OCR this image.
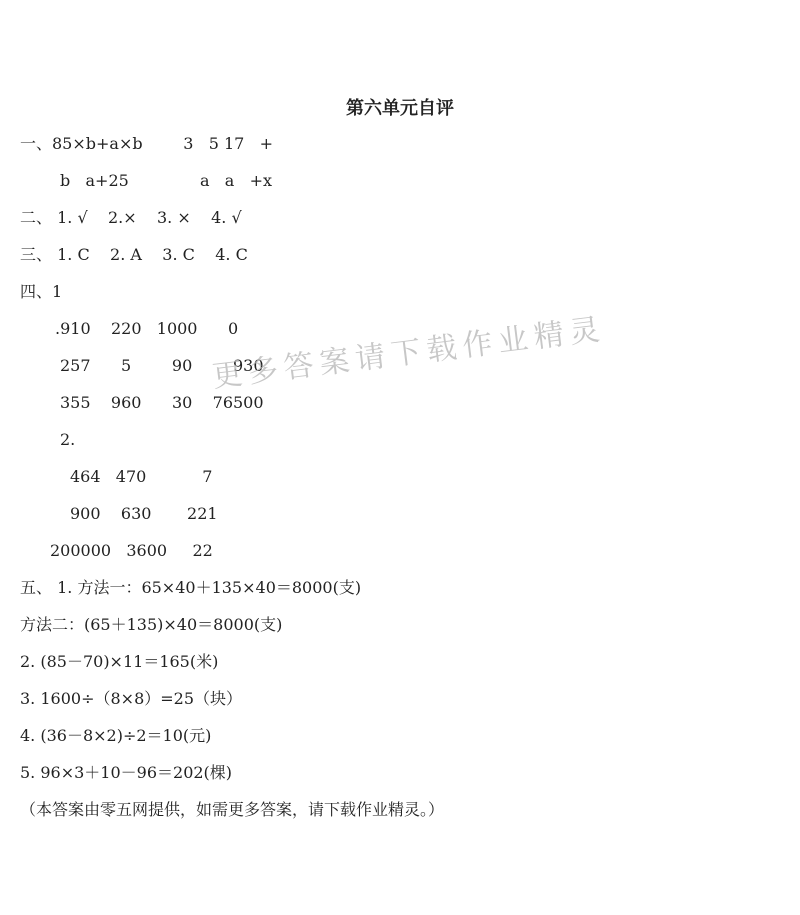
第六单元自评
一、85×b+a×b        3   5 17   +
b   a+25              a   a   +x
二、 1. √    2.×    3. ×    4. √
三、 1. C    2. A    3. C    4. C
四、1
.910    220   1000      0
257      5        90        930
355    960      30    76500
2.
464   470           7
900    630       221
200000   3600     22
五、 1. 方法一：65×40＋135×40＝8000(支)
方法二：(65＋135)×40＝8000(支)
2. (85－70)×11＝165(米)
3. 1600÷（8×8）=25（块）
4. (36－8×2)÷2＝10(元)
5. 96×3＋10－96＝202(棵)
（本答案由零五网提供，如需更多答案，请下载作业精灵。）
更多答案请下载作业精灵
